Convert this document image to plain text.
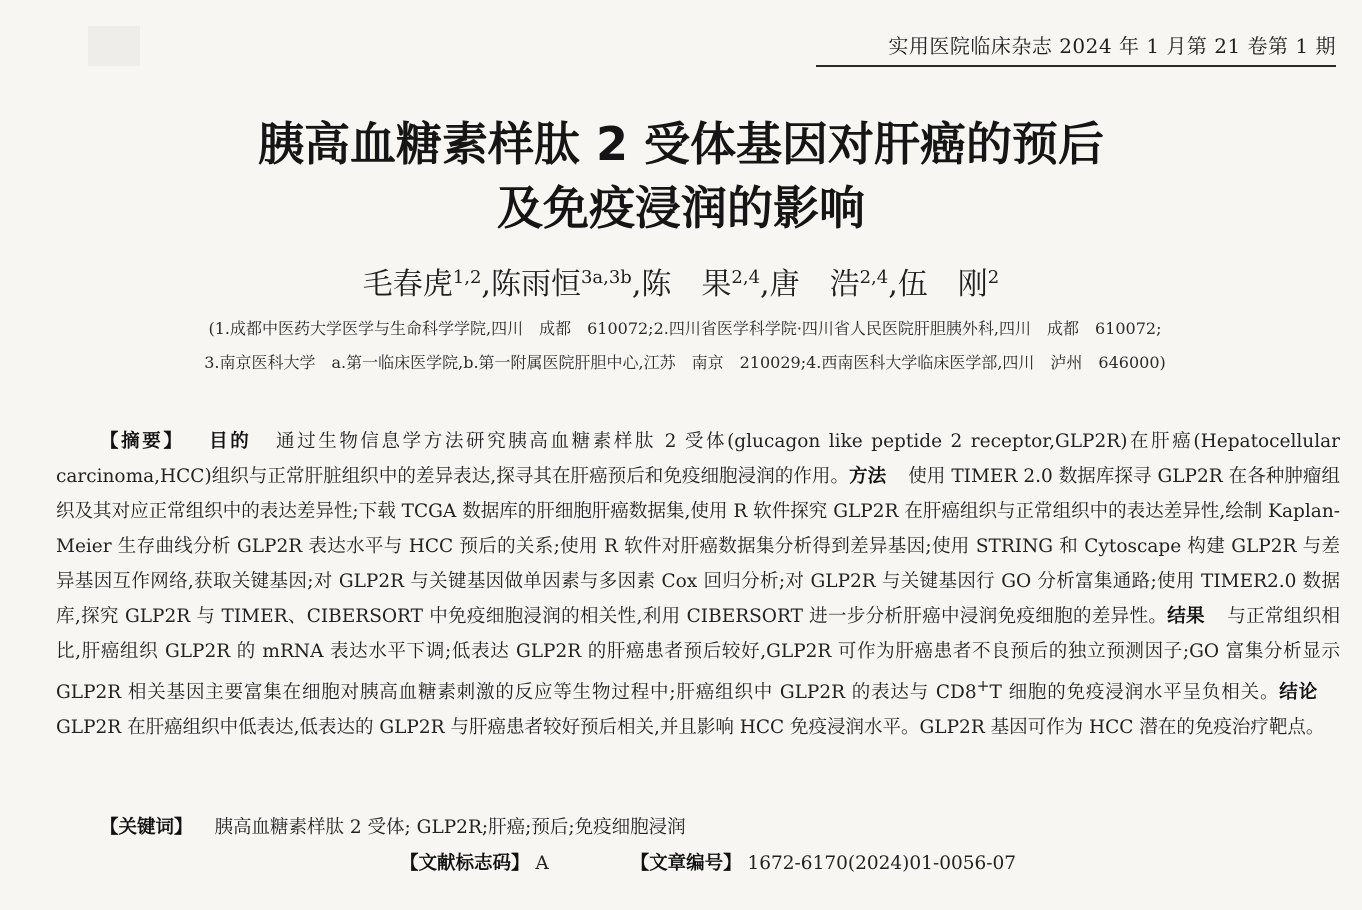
实用医院临床杂志 2024 年 1 月第 21 卷第 1 期
胰高血糖素样肽 2 受体基因对肝癌的预后
及免疫浸润的影响
毛春虎$^{1,2}$,陈雨恒$^{3a,3b}$,陈　果$^{2,4}$,唐　浩$^{2,4}$,伍　刚$^2$
(1.成都中医药大学医学与生命科学学院,四川　成都　610072;2.四川省医学科学院·四川省人民医院肝胆胰外科,四川　成都　610072;
3.南京医科大学　a.第一临床医学院,b.第一附属医院肝胆中心,江苏　南京　210029;4.西南医科大学临床医学部,四川　泸州　646000)
【摘要】 目的 通过生物信息学方法研究胰高血糖素样肽 2 受体(glucagon like peptide 2 receptor,GLP2R)在肝癌(Hepatocellular carcinoma,HCC)组织与正常肝脏组织中的差异表达,探寻其在肝癌预后和免疫细胞浸润的作用。方法 使用 TIMER 2.0 数据库探寻 GLP2R 在各种肿瘤组织及其对应正常组织中的表达差异性;下载 TCGA 数据库的肝细胞肝癌数据集,使用 R 软件探究 GLP2R 在肝癌组织与正常组织中的表达差异性,绘制 Kaplan-Meier 生存曲线分析 GLP2R 表达水平与 HCC 预后的关系;使用 R 软件对肝癌数据集分析得到差异基因;使用 STRING 和 Cytoscape 构建 GLP2R 与差异基因互作网络,获取关键基因;对 GLP2R 与关键基因做单因素与多因素 Cox 回归分析;对 GLP2R 与关键基因行 GO 分析富集通路;使用 TIMER2.0 数据库,探究 GLP2R 与 TIMER、CIBERSORT 中免疫细胞浸润的相关性,利用 CIBERSORT 进一步分析肝癌中浸润免疫细胞的差异性。结果 与正常组织相比,肝癌组织 GLP2R 的 mRNA 表达水平下调;低表达 GLP2R 的肝癌患者预后较好,GLP2R 可作为肝癌患者不良预后的独立预测因子;GO 富集分析显示 GLP2R 相关基因主要富集在细胞对胰高血糖素刺激的反应等生物过程中;肝癌组织中 GLP2R 的表达与 CD8+T 细胞的免疫浸润水平呈负相关。结论GLP2R 在肝癌组织中低表达,低表达的 GLP2R 与肝癌患者较好预后相关,并且影响 HCC 免疫浸润水平。GLP2R 基因可作为 HCC 潜在的免疫治疗靶点。
【关键词】 胰高血糖素样肽 2 受体; GLP2R;肝癌;预后;免疫细胞浸润
【文献标志码】 A	【文章编号】 1672-6170(2024)01-0056-07
